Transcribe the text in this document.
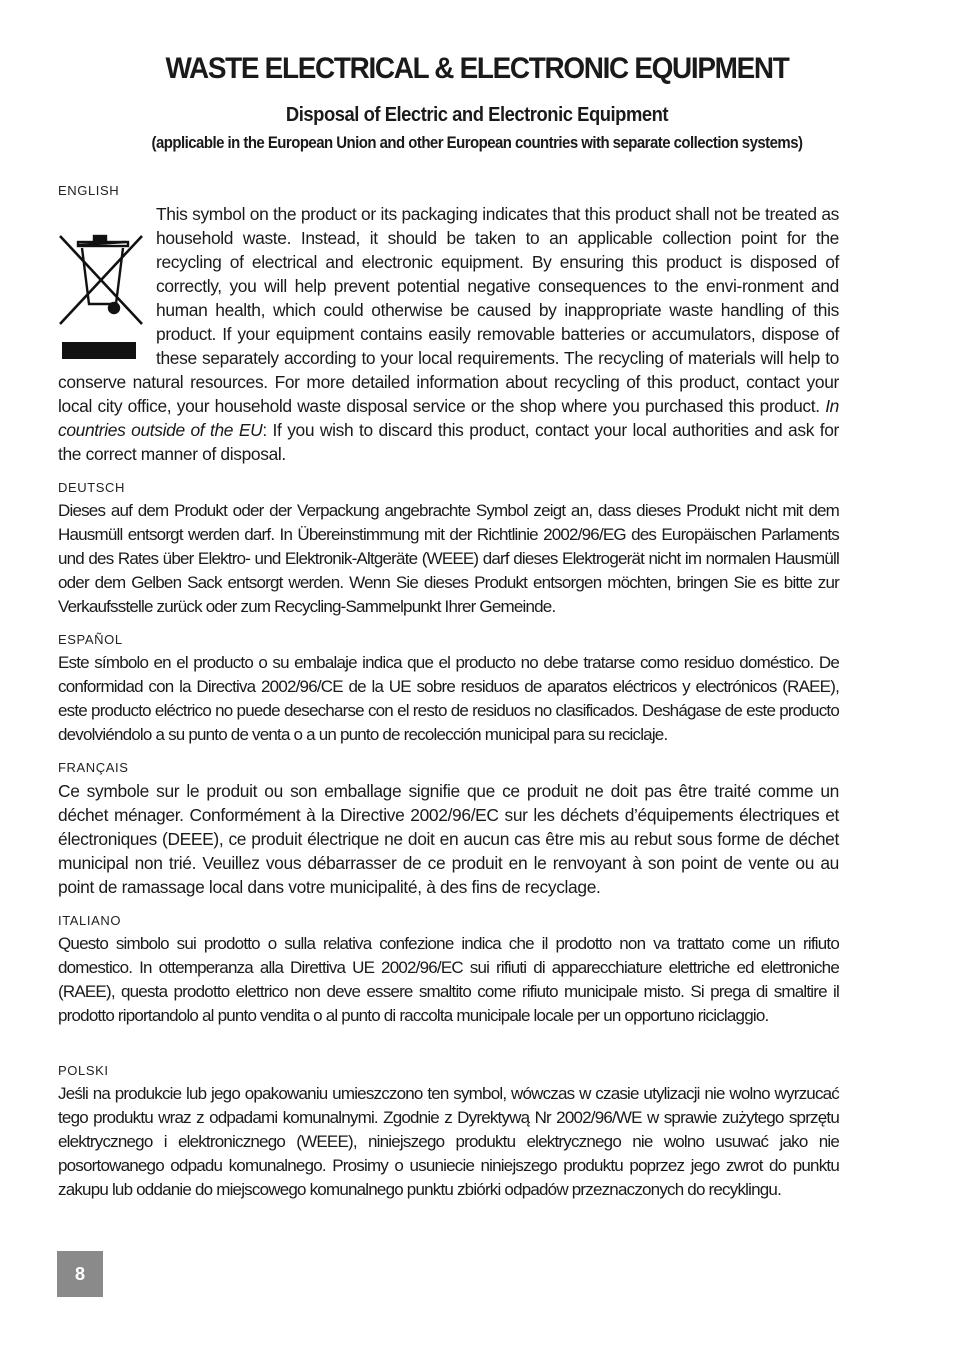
WASTE ELECTRICAL & ELECTRONIC EQUIPMENT

Disposal of Electric and Electronic Equipment

(applicable in the European Union and other European countries with separate collection systems)

ENGLISH

This symbol on the product or its packaging indicates that this product shall not be treated as household waste. Instead, it should be taken to an applicable collection point for the recycling of electrical and electronic equipment. By ensuring this product is disposed of correctly, you will help prevent potential negative consequences to the envi-ronment and human health, which could otherwise be caused by inappropriate waste handling of this product. If your equipment contains easily removable batteries or accumulators, dispose of these separately according to your local requirements. The recycling of materials will help to conserve natural resources. For more detailed information about recycling of this product, contact your local city office, your household waste disposal service or the shop where you purchased this product. In countries outside of the EU: If you wish to discard this product, contact your local authorities and ask for the correct manner of disposal.

DEUTSCH

Dieses auf dem Produkt oder der Verpackung angebrachte Symbol zeigt an, dass dieses Produkt nicht mit dem Hausmüll entsorgt werden darf. In Übereinstimmung mit der Richtlinie 2002/96/EG des Europäischen Parlaments und des Rates über Elektro- und Elektronik-Altgeräte (WEEE) darf dieses Elektrogerät nicht im normalen Hausmüll oder dem Gelben Sack entsorgt werden. Wenn Sie dieses Produkt entsorgen möchten, bringen Sie es bitte zur Verkaufsstelle zurück oder zum Recycling-Sammelpunkt Ihrer Gemeinde.

ESPAÑOL

Este símbolo en el producto o su embalaje indica que el producto no debe tratarse como residuo doméstico. De conformidad con la Directiva 2002/96/CE de la UE sobre residuos de aparatos eléctricos y electrónicos (RAEE), este producto eléctrico no puede desecharse con el resto de residuos no clasificados. Deshágase de este producto devolviéndolo a su punto de venta o a un punto de recolección municipal para su reciclaje.

FRANÇAIS

Ce symbole sur le produit ou son emballage signifie que ce produit ne doit pas être traité comme un déchet ménager. Conformément à la Directive 2002/96/EC sur les déchets d’équipements électriques et électroniques (DEEE), ce produit électrique ne doit en aucun cas être mis au rebut sous forme de déchet municipal non trié. Veuillez vous débarrasser de ce produit en le renvoyant à son point de vente ou au point de ramassage local dans votre municipalité, à des fins de recyclage.

ITALIANO

Questo simbolo sui prodotto o sulla relativa confezione indica che il prodotto non va trattato come un rifiuto domestico. In ottemperanza alla Direttiva UE 2002/96/EC sui rifiuti di apparecchiature elettriche ed elettroniche (RAEE), questa prodotto elettrico non deve essere smaltito come rifiuto municipale misto. Si prega di smaltire il prodotto riportandolo al punto vendita o al punto di raccolta municipale locale per un opportuno riciclaggio.

POLSKI

Jeśli na produkcie lub jego opakowaniu umieszczono ten symbol, wówczas w czasie utylizacji nie wolno wyrzucać tego produktu wraz z odpadami komunalnymi. Zgodnie z Dyrektywą Nr 2002/96/WE w sprawie zużytego sprzętu elektrycznego i elektronicznego (WEEE), niniejszego produktu elektrycznego nie wolno usuwać jako nie posortowanego odpadu komunalnego. Prosimy o usuniecie niniejszego produktu poprzez jego zwrot do punktu zakupu lub oddanie do miejscowego komunalnego punktu zbiórki odpadów przeznaczonych do recyklingu.

8
